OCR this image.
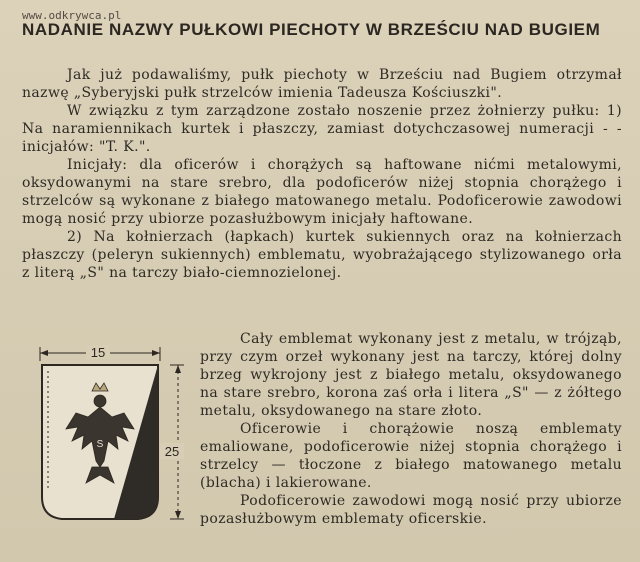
www.odkrywca.pl
NADANIE NAZWY PUŁKOWI PIECHOTY W BRZEŚCIU NAD BUGIEM

Jak już podawaliśmy, pułk piechoty w Brześciu nad Bugiem otrzymał nazwę „Syberyjski pułk strzelców imienia Tadeusza Kościuszki".

W związku z tym zarządzone zostało noszenie przez żołnierzy pułku: 1) Na naramiennikach kurtek i płaszczy, zamiast dotychczasowej numeracji - - inicjałów: "T. K.".

Inicjały: dla oficerów i chorążych są haftowane nićmi metalowymi, oksydowanymi na stare srebro, dla podoficerów niżej stopnia chorążego i strzelców są wykonane z białego matowanego metalu. Podoficerowie zawodowi mogą nosić przy ubiorze pozasłużbowym inicjały haftowane.

2) Na kołnierzach (łapkach) kurtek sukiennych oraz na kołnierzach płaszczy (peleryn sukiennych) emblematu, wyobrażającego stylizowanego orła z literą „S" na tarczy biało-ciemnozielonej.

15
S	25

Cały emblemat wykonany jest z metalu, w trójząb, przy czym orzeł wykonany jest na tarczy, której dolny brzeg wykrojony jest z białego metalu, oksydowanego na stare srebro, korona zaś orła i litera „S" — z żółtego metalu, oksydowanego na stare złoto.

Oficerowie i chorążowie noszą emblematy emaliowane, podoficerowie niżej stopnia chorążego i strzelcy — tłoczone z białego matowanego metalu (blacha) i lakierowane.

Podoficerowie zawodowi mogą nosić przy ubiorze pozasłużbowym emblematy oficerskie.
